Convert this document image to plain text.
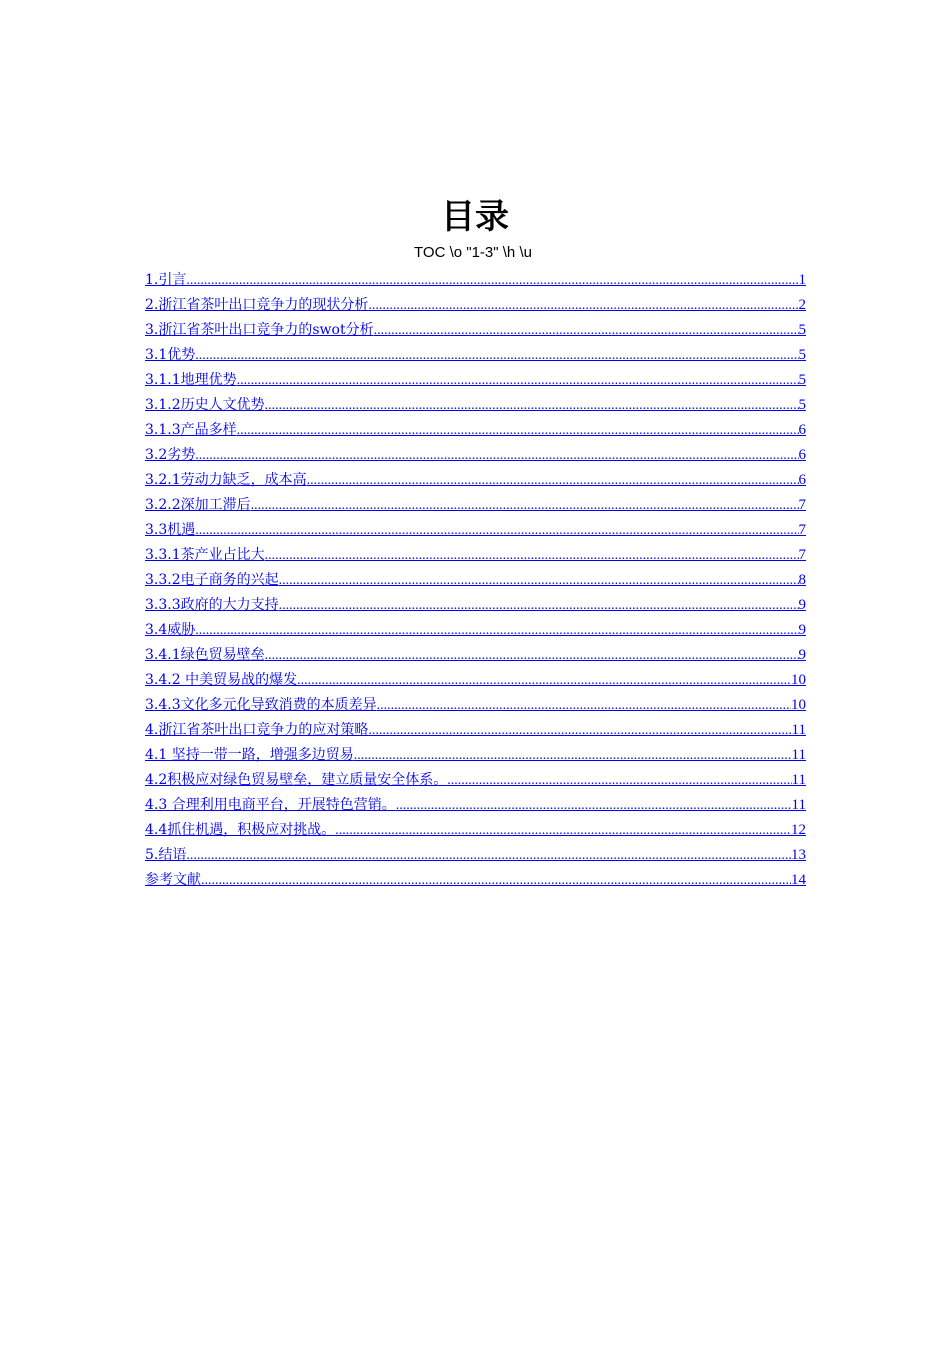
目录
TOC \o "1-3" \h \u
1.引言 .....	1
2.浙江省茶叶出口竞争力的现状分析 .....	2
3.浙江省茶叶出口竞争力的swot分析 .....	5
3.1优势 .....	5
3.1.1地理优势 .....	5
3.1.2历史人文优势 .....	5
3.1.3产品多样 .....	6
3.2劣势 .....	6
3.2.1劳动力缺乏，成本高 .....	6
3.2.2深加工滞后 .....	7
3.3机遇 .....	7
3.3.1茶产业占比大 .....	7
3.3.2电子商务的兴起 .....	8
3.3.3政府的大力支持 .....	9
3.4威胁 .....	9
3.4.1绿色贸易壁垒 .....	9
3.4.2 中美贸易战的爆发 .....	10
3.4.3文化多元化导致消费的本质差异 .....	10
4.浙江省茶叶出口竞争力的应对策略 .....	11
4.1 坚持一带一路，增强多边贸易 .....	11
4.2积极应对绿色贸易壁垒，建立质量安全体系。 .....	11
4.3 合理利用电商平台，开展特色营销。 .....	11
4.4抓住机遇，积极应对挑战。 .....	12
5.结语 .....	13
参考文献 .....	14
